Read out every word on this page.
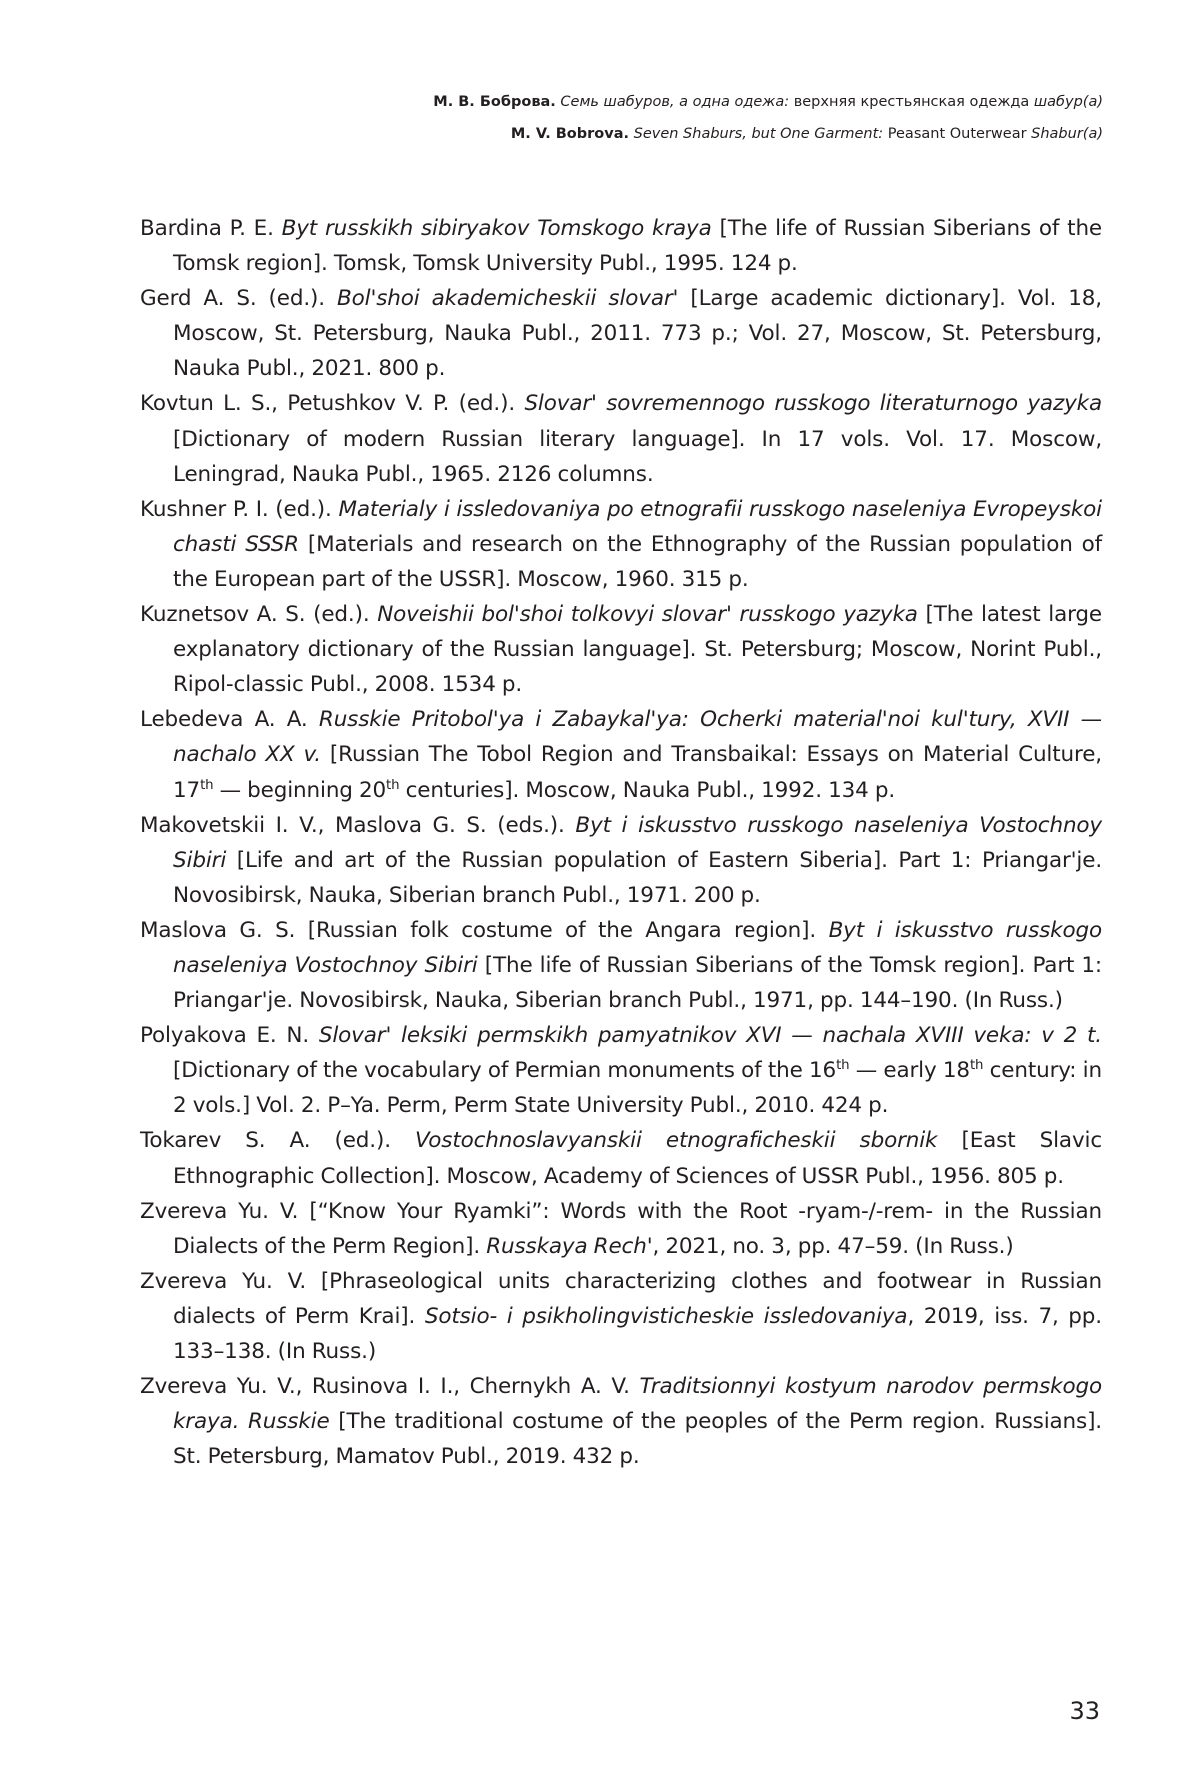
М. В. Боброва. Семь шабуров, а одна одежа: верхняя крестьянская одежда шабур(а)
M. V. Bobrova. Seven Shaburs, but One Garment: Peasant Outerwear Shabur(a)
Bardina P. E. Byt russkikh sibiryakov Tomskogo kraya [The life of Russian Siberians of the Tomsk region]. Tomsk, Tomsk University Publ., 1995. 124 p.
Gerd A. S. (ed.). Bol'shoi akademicheskii slovar' [Large academic dictionary]. Vol. 18, Moscow, St. Petersburg, Nauka Publ., 2011. 773 p.; Vol. 27, Moscow, St. Petersburg, Nauka Publ., 2021. 800 p.
Kovtun L. S., Petushkov V. P. (ed.). Slovar' sovremennogo russkogo literaturnogo yazyka [Dictionary of modern Russian literary language]. In 17 vols. Vol. 17. Moscow, Leningrad, Nauka Publ., 1965. 2126 columns.
Kushner P. I. (ed.). Materialy i issledovaniya po etnografii russkogo naseleniya Evropeyskoi chasti SSSR [Materials and research on the Ethnography of the Russian population of the European part of the USSR]. Moscow, 1960. 315 p.
Kuznetsov A. S. (ed.). Noveishii bol'shoi tolkovyi slovar' russkogo yazyka [The latest large explanatory dictionary of the Russian language]. St. Petersburg; Moscow, Norint Publ., Ripol-classic Publ., 2008. 1534 p.
Lebedeva A. A. Russkie Pritobol'ya i Zabaykal'ya: Ocherki material'noi kul'tury, XVII — nachalo XX v. [Russian The Tobol Region and Transbaikal: Essays on Material Culture, 17th — beginning 20th centuries]. Moscow, Nauka Publ., 1992. 134 p.
Makovetskii I. V., Maslova G. S. (eds.). Byt i iskusstvo russkogo naseleniya Vostochnoy Sibiri [Life and art of the Russian population of Eastern Siberia]. Part 1: Priangar'je. Novosibirsk, Nauka, Siberian branch Publ., 1971. 200 p.
Maslova G. S. [Russian folk costume of the Angara region]. Byt i iskusstvo russkogo naseleniya Vostochnoy Sibiri [The life of Russian Siberians of the Tomsk region]. Part 1: Priangar'je. Novosibirsk, Nauka, Siberian branch Publ., 1971, pp. 144–190. (In Russ.)
Polyakova E. N. Slovar' leksiki permskikh pamyatnikov XVI — nachala XVIII veka: v 2 t. [Dictionary of the vocabulary of Permian monuments of the 16th — early 18th century: in 2 vols.] Vol. 2. P–Ya. Perm, Perm State University Publ., 2010. 424 p.
Tokarev S. A. (ed.). Vostochnoslavyanskii etnograficheskii sbornik [East Slavic Ethnographic Collection]. Moscow, Academy of Sciences of USSR Publ., 1956. 805 p.
Zvereva Yu. V. [“Know Your Ryamki”: Words with the Root -ryam-/-rem- in the Russian Dialects of the Perm Region]. Russkaya Rech', 2021, no. 3, pp. 47–59. (In Russ.)
Zvereva Yu. V. [Phraseological units characterizing clothes and footwear in Russian dialects of Perm Krai]. Sotsio- i psikholingvisticheskie issledovaniya, 2019, iss. 7, pp. 133–138. (In Russ.)
Zvereva Yu. V., Rusinova I. I., Chernykh A. V. Traditsionnyi kostyum narodov permskogo kraya. Russkie [The traditional costume of the peoples of the Perm region. Russians]. St. Petersburg, Mamatov Publ., 2019. 432 p.
33
